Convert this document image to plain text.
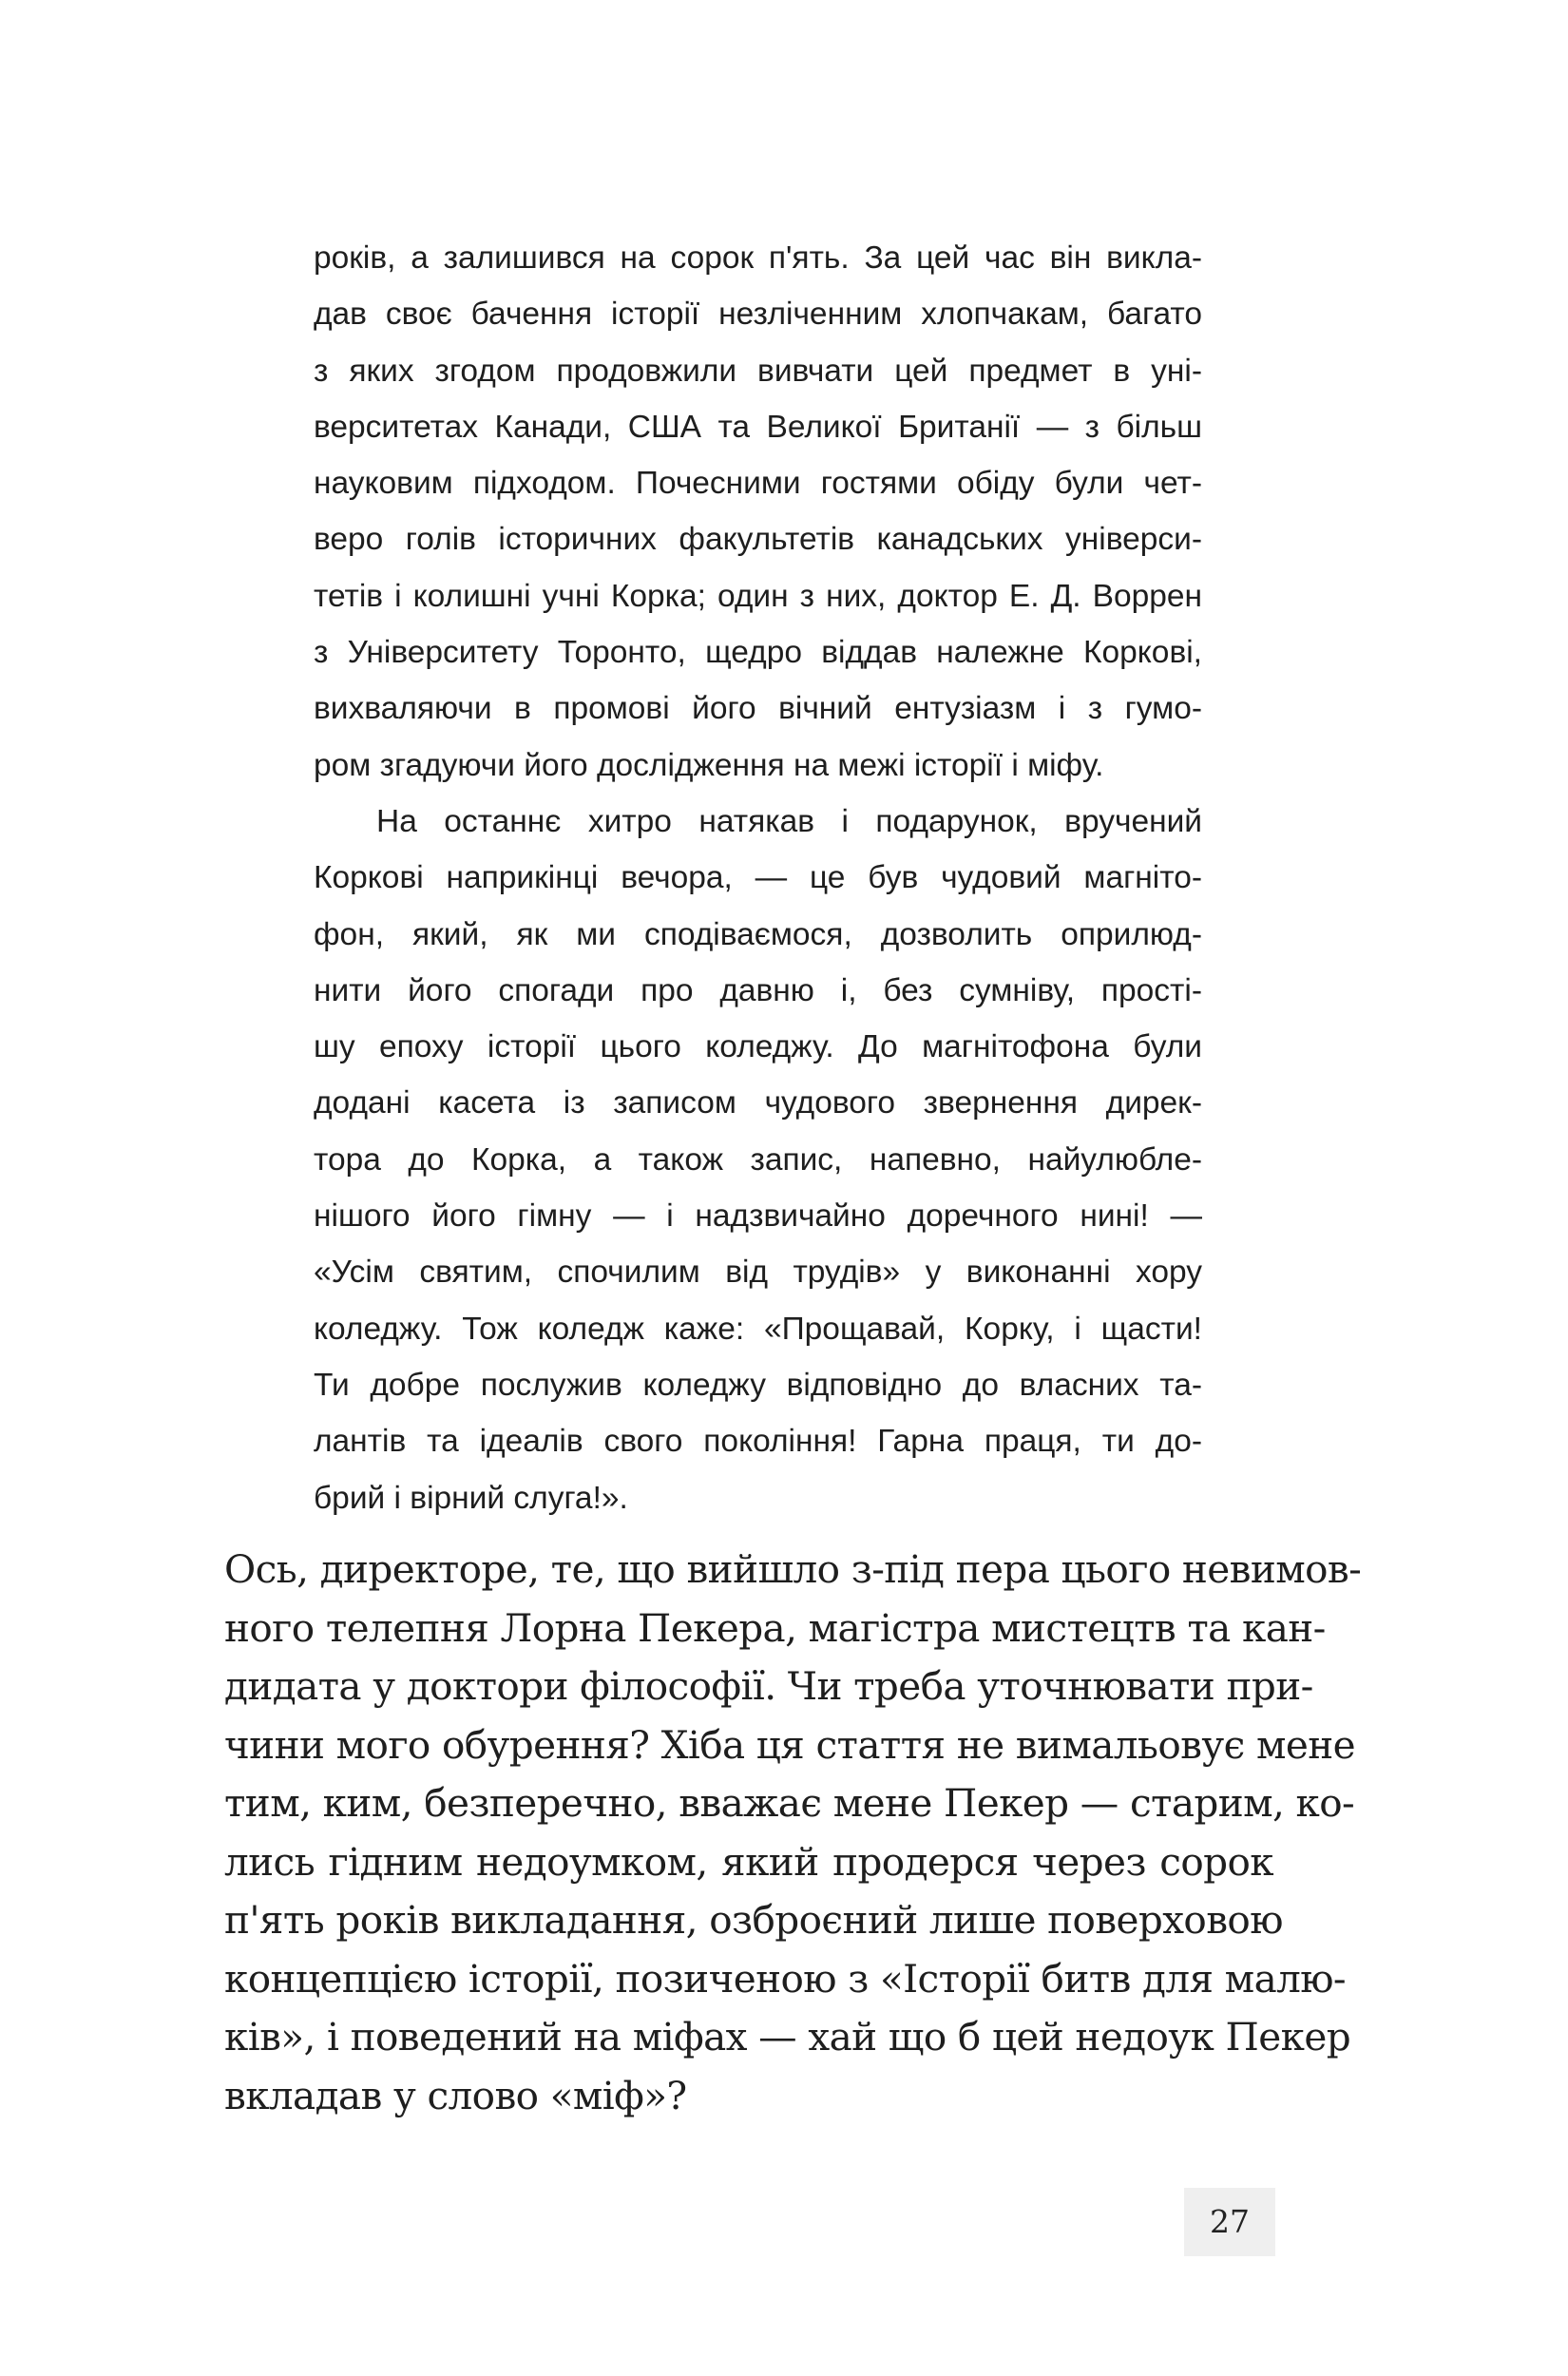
років, а залишився на сорок п'ять. За цей час він викла-
дав своє бачення історії незліченним хлопчакам, багато
з яких згодом продовжили вивчати цей предмет в уні-
верситетах Канади, США та Великої Британії — з більш
науковим підходом. Почесними гостями обіду були чет-
веро голів історичних факультетів канадських універси-
тетів і колишні учні Корка; один з них, доктор Е. Д. Воррен
з Університету Торонто, щедро віддав належне Коркові,
вихваляючи в промові його вічний ентузіазм і з гумо-
ром згадуючи його дослідження на межі історії і міфу.
На останнє хитро натякав і подарунок, вручений
Коркові наприкінці вечора, — це був чудовий магніто-
фон, який, як ми сподіваємося, дозволить оприлюд-
нити його спогади про давню і, без сумніву, прості-
шу епоху історії цього коледжу. До магнітофона були
додані касета із записом чудового звернення дирек-
тора до Корка, а також запис, напевно, найулюбле-
нішого його гімну — і надзвичайно доречного нині! —
«Усім святим, спочилим від трудів» у виконанні хору
коледжу. Тож коледж каже: «Прощавай, Корку, і щасти!
Ти добре послужив коледжу відповідно до власних та-
лантів та ідеалів свого покоління! Гарна праця, ти до-
брий і вірний слуга!».
Ось, директоре, те, що вийшло з-під пера цього невимов-
ного телепня Лорна Пекера, магістра мистецтв та кан-
дидата у доктори філософії. Чи треба уточнювати при-
чини мого обурення? Хіба ця стаття не вимальовує мене
тим, ким, безперечно, вважає мене Пекер — старим, ко-
лись гідним недоумком, який продерся через сорок
п'ять років викладання, озброєний лише поверховою
концепцією історії, позиченою з «Історії битв для малю-
ків», і поведений на міфах — хай що б цей недоук Пекер
вкладав у слово «міф»?
27
